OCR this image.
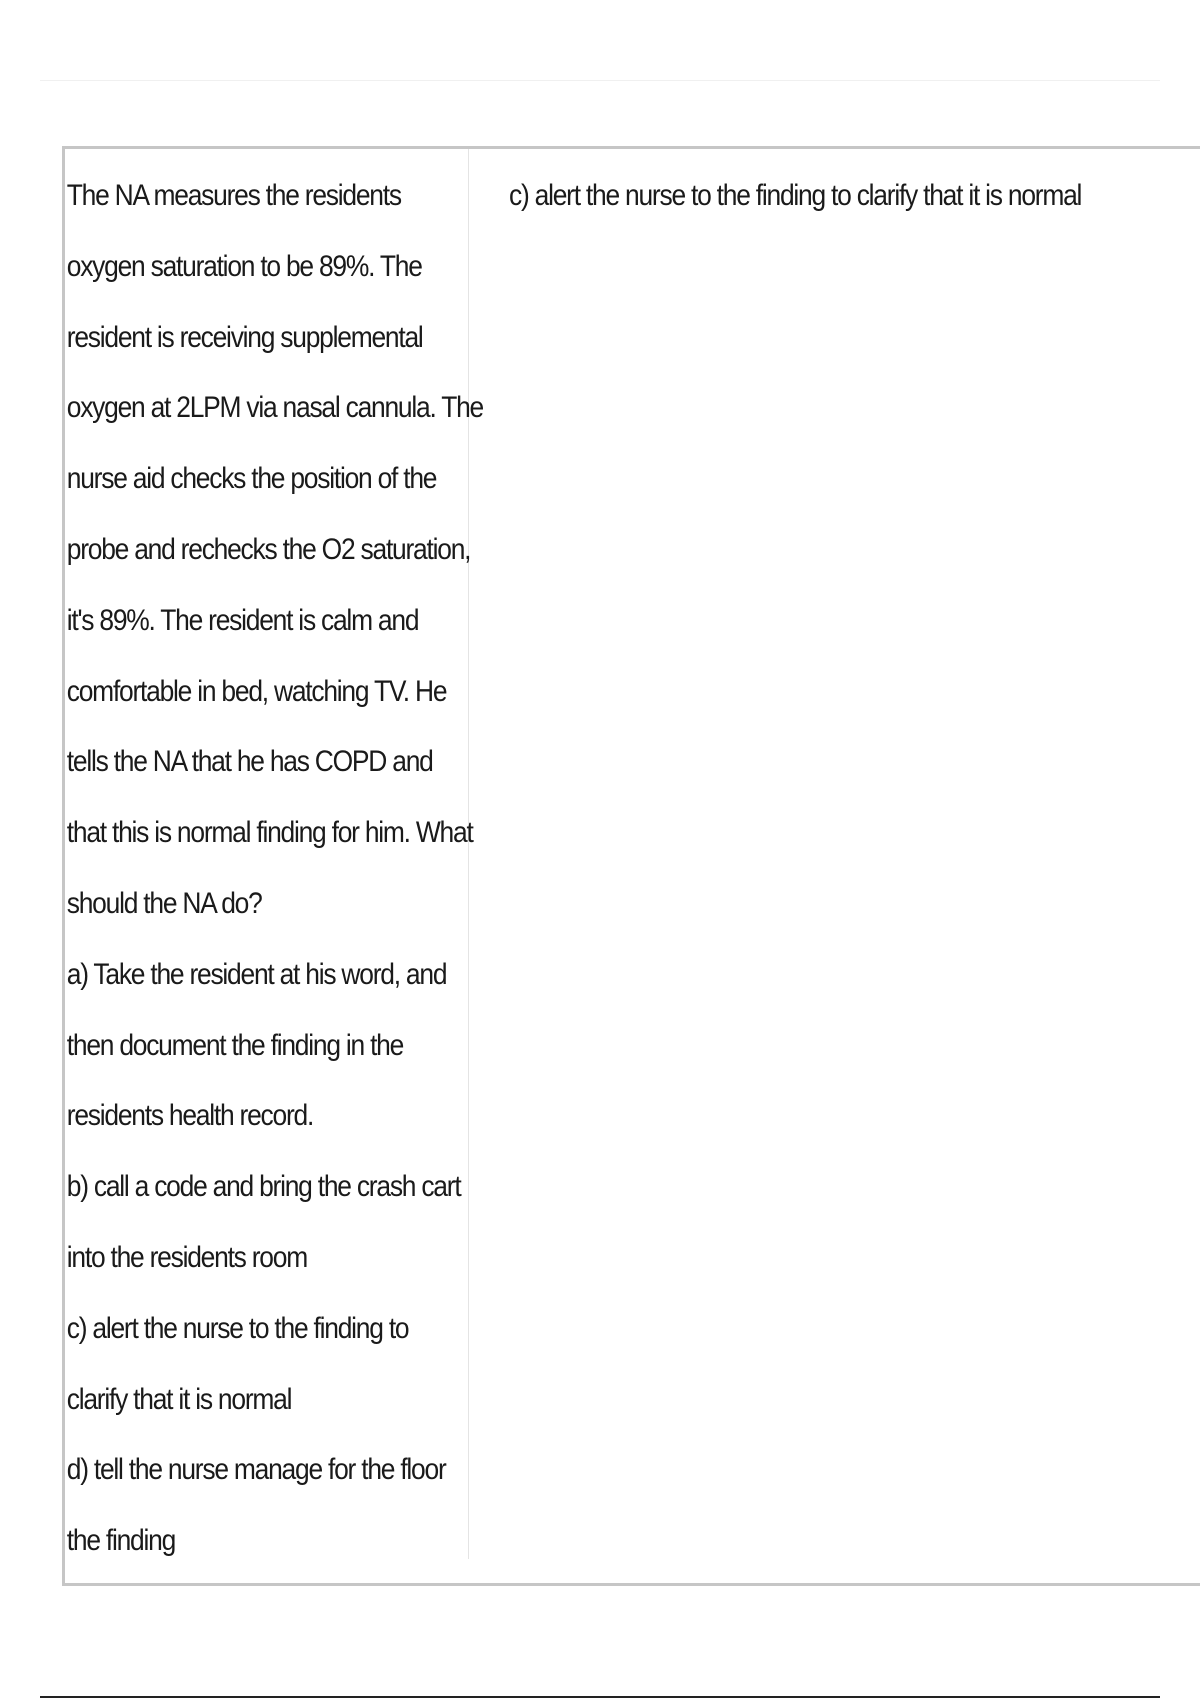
The NA measures the residents
oxygen saturation to be 89%. The
resident is receiving supplemental
oxygen at 2LPM via nasal cannula. The
nurse aid checks the position of the
probe and rechecks the O2 saturation,
it's 89%. The resident is calm and
comfortable in bed, watching TV. He
tells the NA that he has COPD and
that this is normal finding for him. What
should the NA do?
a) Take the resident at his word, and
then document the finding in the
residents health record.
b) call a code and bring the crash cart
into the residents room
c) alert the nurse to the finding to
clarify that it is normal
d) tell the nurse manage for the floor
the finding
c) alert the nurse to the finding to clarify that it is normal
